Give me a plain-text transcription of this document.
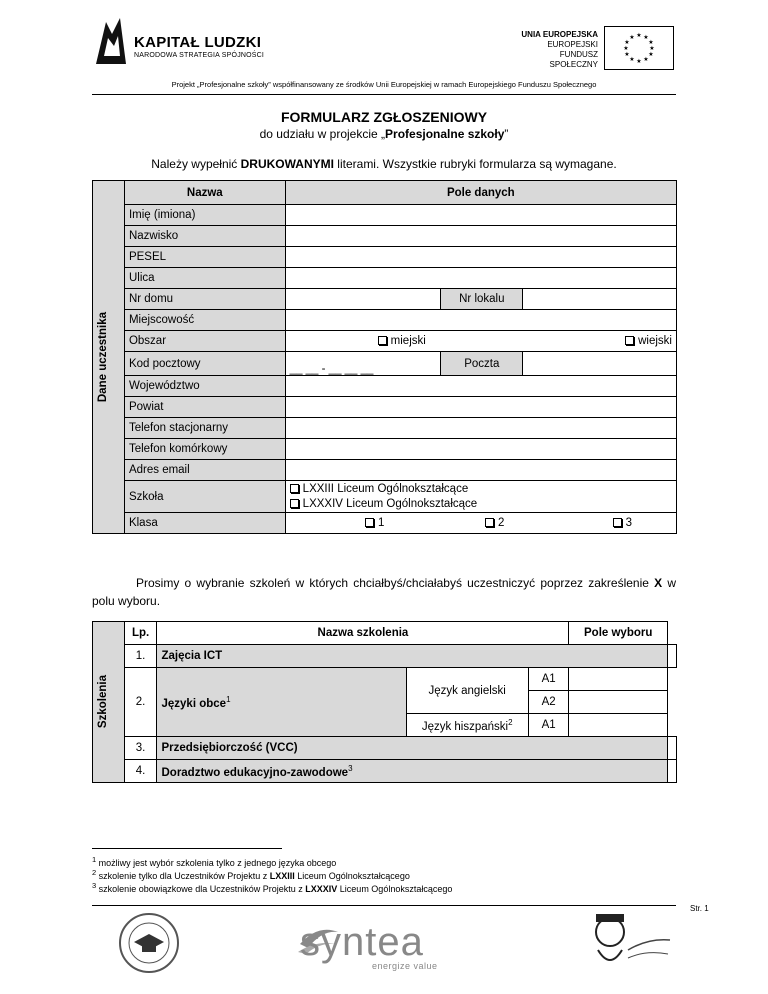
KAPITAŁ LUDZKI
NARODOWA STRATEGIA SPÓJNOŚCI
UNIA EUROPEJSKA
EUROPEJSKI
FUNDUSZ SPOŁECZNY
★ ★
★
★
★
★
★
★
★
★
★
★
Projekt „Profesjonalne szkoły” współfinansowany ze środków Unii Europejskiej w ramach Europejskiego Funduszu Społecznego
FORMULARZ ZGŁOSZENIOWY
do udziału w projekcie „Profesjonalne szkoły”
Należy wypełnić DRUKOWANYMI literami. Wszystkie rubryki formularza są wymagane.
Dane uczestnika	Nazwa	Pole danych		
	Imię (imiona)			
	Nazwisko			
	PESEL			
	Ulica			
	Nr domu		Nr lokalu	
	Miejscowość			
	Obszar	miejski wiejski		

	Kod pocztowy	__ __ - __ __ __	Poczta	
	Województwo			
	Powiat			
	Telefon stacjonarny			
	Telefon komórkowy			
	Adres email			
	Szkoła	LXXIII Liceum Ogólnokształcące
LXXXIV Liceum Ogólnokształcące		

	Klasa	1 2 3		
Prosimy o wybranie szkoleń w których chciałbyś/chciałabyś uczestniczyć poprzez zakreślenie X w polu wyboru.
Szkolenia	Lp.	Nazwa szkolenia			Pole wyboru	
	1.	Zajęcia ICT				
	2.	Języki obce$^1$	Język angielski	A1		
				A2		
			Język hiszpański$^2$	A1		
	3.	Przedsiębiorczość (VCC)				
	4.	Doradztwo edukacyjno-zawodowe$^3$	
$^1$ możliwy jest wybór szkolenia tylko z jednego języka obcego
$^2$ szkolenie tylko dla Uczestników Projektu z LXXIII Liceum Ogólnokształcącego
$^3$ szkolenie obowiązkowe dla Uczestników Projektu z LXXXIV Liceum Ogólnokształcącego
Str. 1
syntea
energize value
